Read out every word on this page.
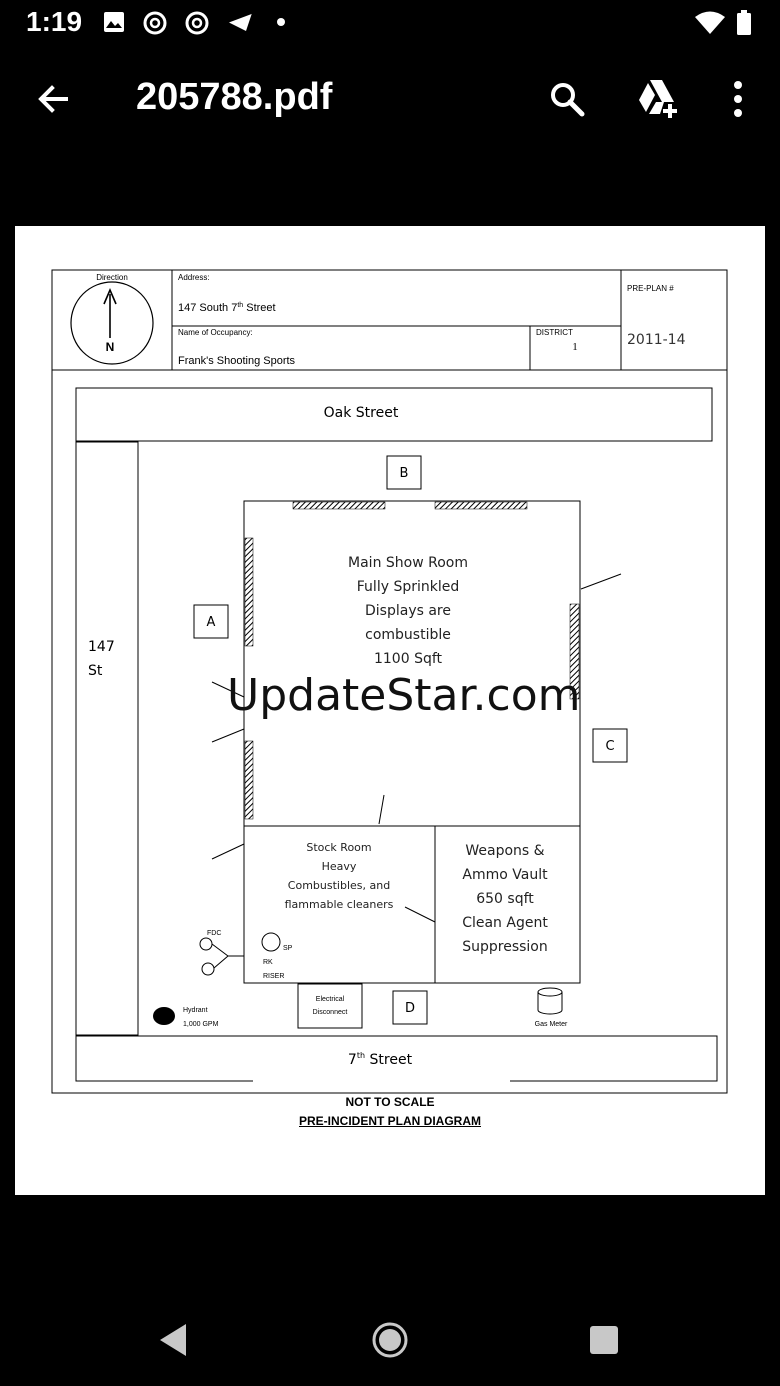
1:19
205788.pdf
Direction
N
Address:
147 South 7th Street
Name of Occupancy:
Frank's Shooting Sports
DISTRICT
1
PRE-PLAN #
2011-14
Oak Street
147
St
7th Street
A
B
C
D
Main Show Room
Fully Sprinkled
Displays are
combustible
1100 Sqft
Stock Room
Heavy
Combustibles, and
flammable cleaners
Weapons &
Ammo Vault
650 sqft
Clean Agent
Suppression
FDC
SP
RK
RISER
Electrical
Disconnect
Hydrant
1,000 GPM	Gas Meter
NOT TO SCALE
PRE-INCIDENT PLAN DIAGRAM
UpdateStar.com
